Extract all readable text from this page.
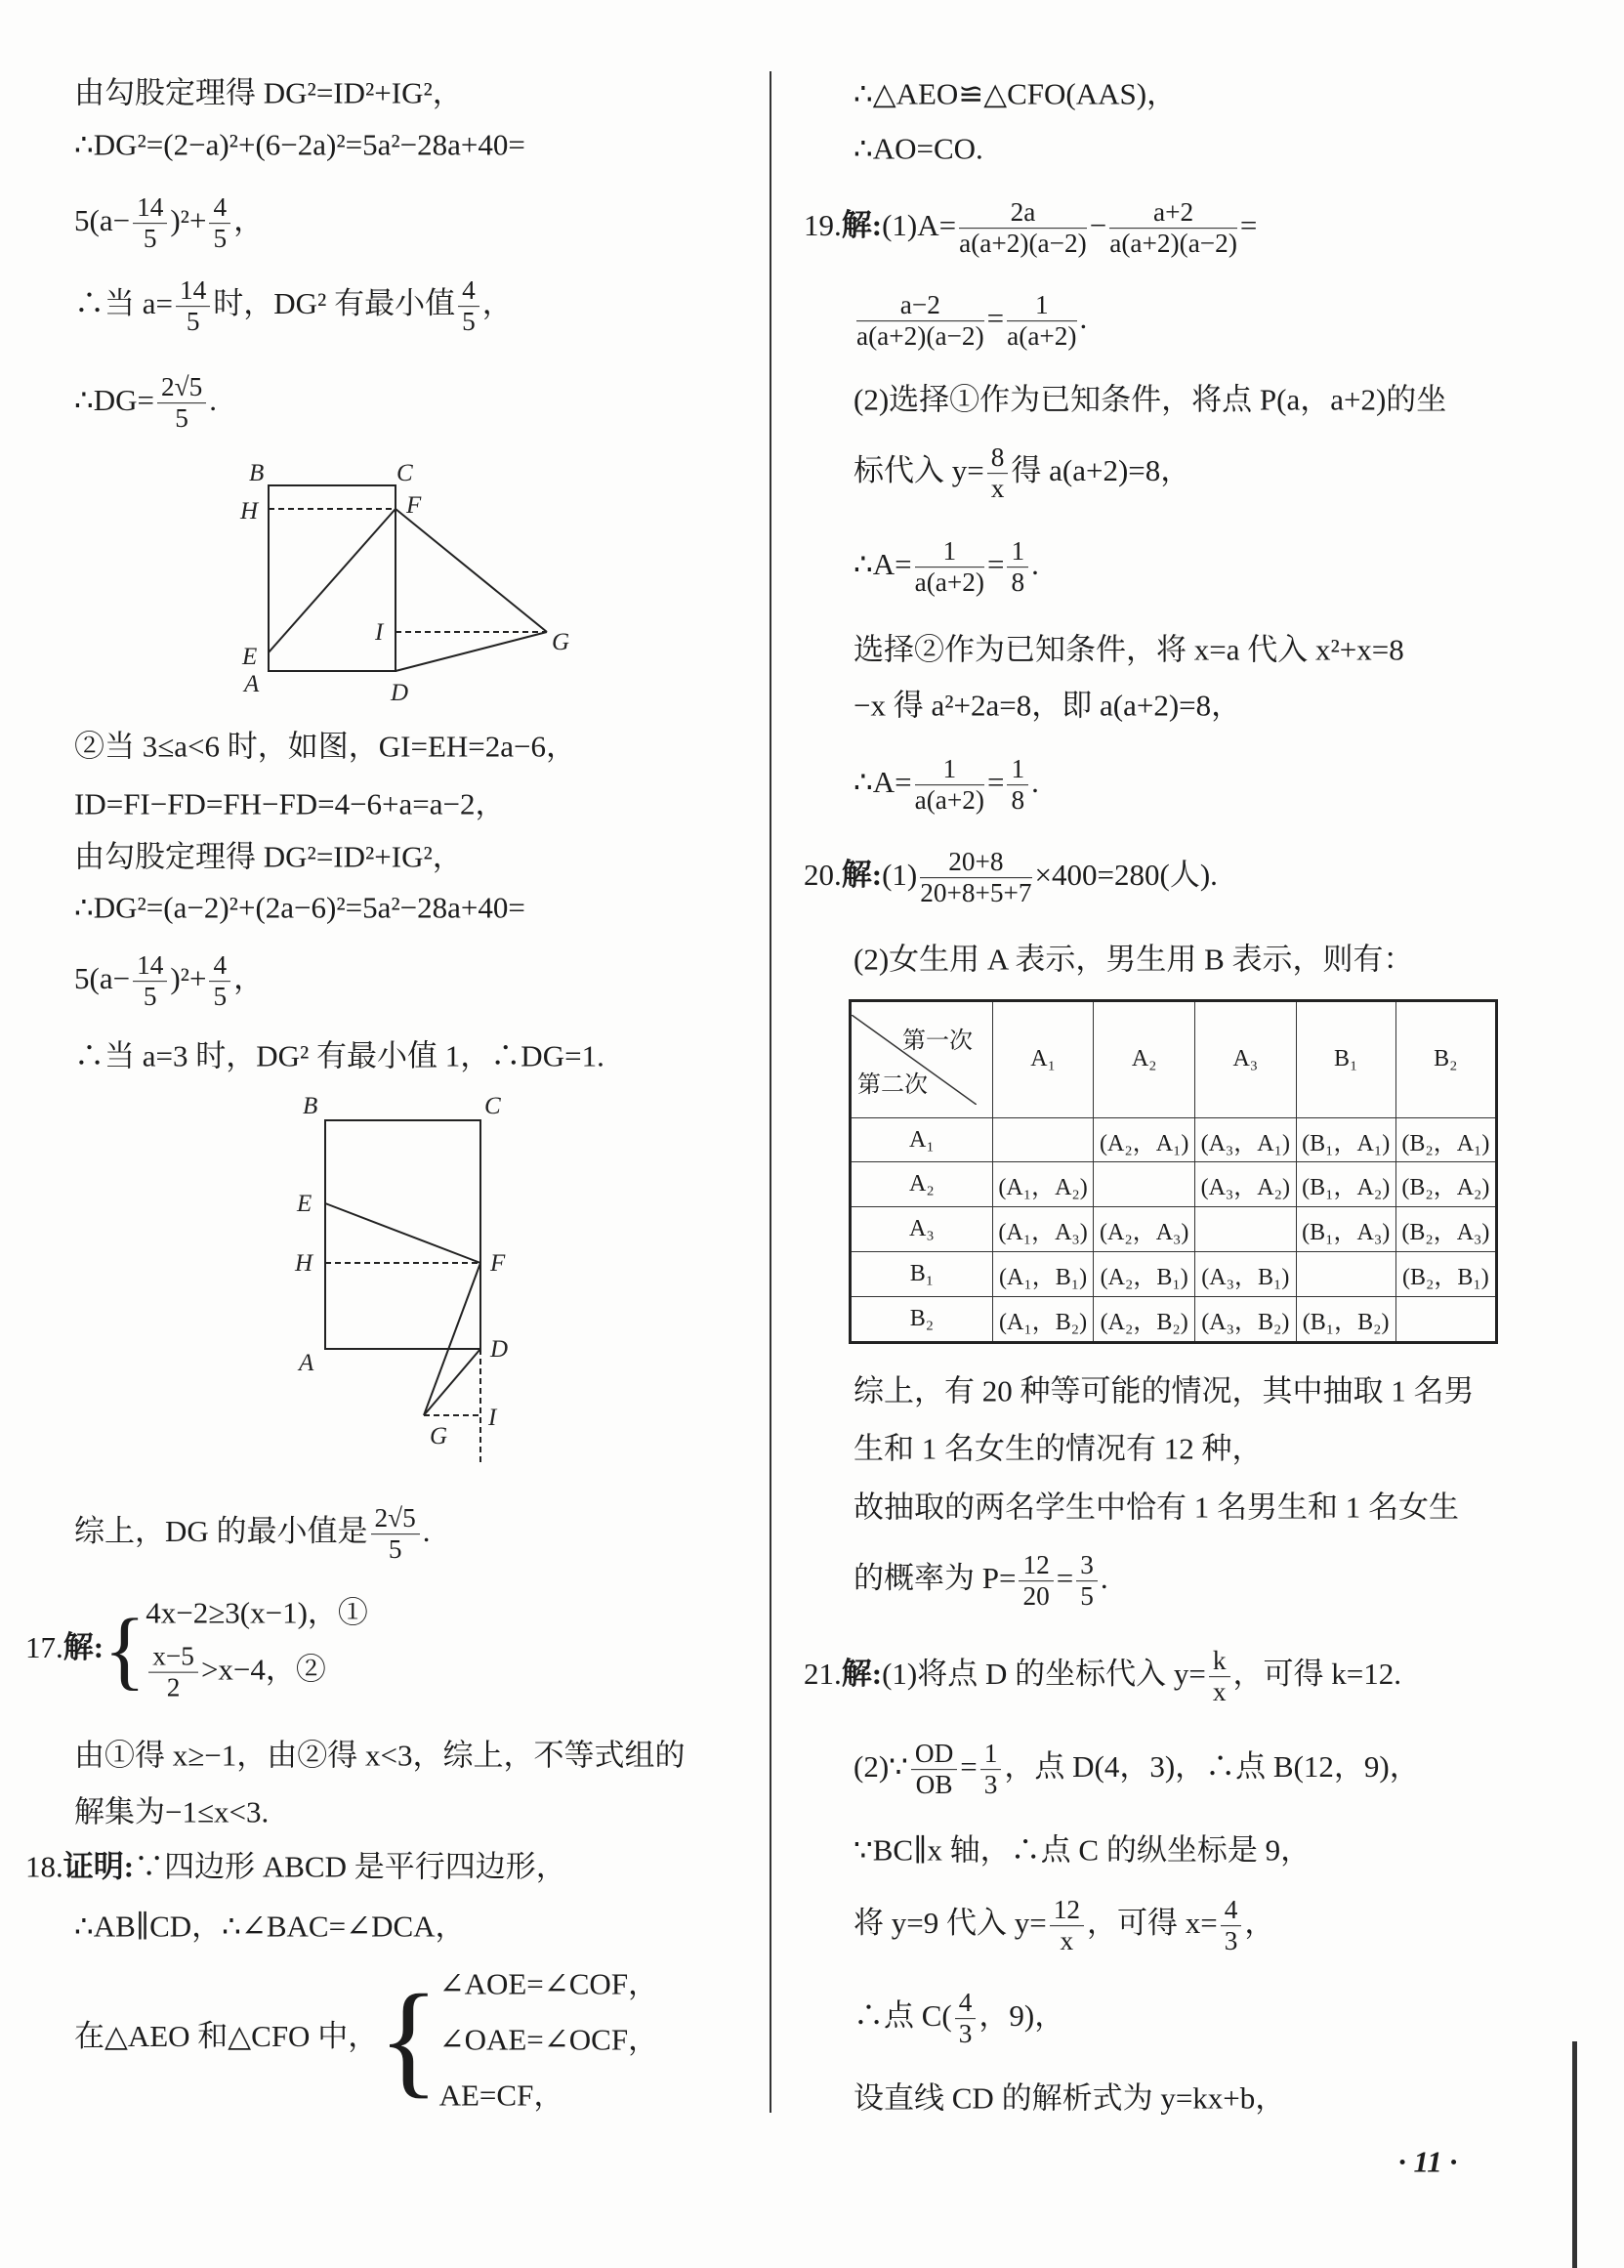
由勾股定理得 DG²=ID²+IG²，
∴DG²=(2−a)²+(6−2a)²=5a²−28a+40=
$5(a- \frac{14}{5} )^2+ \frac{4}{5}$ ，
∴当 $a= \frac{14}{5}$ 时，DG² 有最小值 $\frac{4}{5}$ ，
∴DG= $\frac{2√5}{5}$ .
B	C
H	F
E
A
I	G
D
B	C
E
H	F
A
D
G
I
②当 3≤a<6 时，如图，GI=EH=2a−6，
ID=FI−FD=FH−FD=4−6+a=a−2，
由勾股定理得 DG²=ID²+IG²，
∴DG²=(a−2)²+(2a−6)²=5a²−28a+40=
$5(a- \frac{14}{5} )^2+ \frac{4}{5}$ ，
∴当 a=3 时，DG² 有最小值 1，∴DG=1.
综上，DG 的最小值是 $\frac{2√5}{5}$ .
17.解:{ 4x−2≥3(x−1)，①
$\frac{x-5}{2} >x-4$，②
由①得 x≥−1，由②得 x<3，综上，不等式组的
解集为−1≤x<3.
18.证明:∵四边形 ABCD 是平行四边形，
∴AB∥CD，∴∠BAC=∠DCA，
在△AEO 和△CFO 中，{ ∠AOE=∠COF，
∠OAE=∠OCF，
AE=CF，
∴△AEO≌△CFO(AAS)，
∴AO=CO.
19.解:(1)A= $\frac{2a}{a(a+2)(a-2)} - \frac{a+2}{a(a+2)(a-2)}$ =
$\frac{a-2}{a(a+2)(a-2)} = \frac{1}{a(a+2)}$ .
(2)选择①作为已知条件，将点 P(a，a+2)的坐
标代入 $y= \frac{8}{x}$ 得 a(a+2)=8，
∴A= $\frac{1}{a(a+2)} = \frac{1}{8}$ .
选择②作为已知条件，将 x=a 代入 x²+x=8
−x 得 a²+2a=8，即 a(a+2)=8，
∴A= $\frac{1}{a(a+2)} = \frac{1}{8}$ .
20.解:(1) $\frac{20+8}{20+8+5+7} \times 400=280$(人).
(2)女生用 A 表示，男生用 B 表示，则有：
第一次
第二次	A₁	A₂	A₃	B₁	B₂
A₁		(A₂，A₁)	(A₃，A₁)	(B₁，A₁)	(B₂，A₁)
A₂	(A₁，A₂)		(A₃，A₂)	(B₁，A₂)	(B₂，A₂)
A₃	(A₁，A₃)	(A₂，A₃)		(B₁，A₃)	(B₂，A₃)
B₁	(A₁，B₁)	(A₂，B₁)	(A₃，B₁)		(B₂，B₁)
B₂	(A₁，B₂)	(A₂，B₂)	(A₃，B₂)	(B₁，B₂)	
综上，有 20 种等可能的情况，其中抽取 1 名男
生和 1 名女生的情况有 12 种，
故抽取的两名学生中恰有 1 名男生和 1 名女生
的概率为 $P= \frac{12}{20} = \frac{3}{5}$ .
21.解:(1)将点 D 的坐标代入 $y= \frac{k}{x}$ ，可得 k=12.
(2)∵ $\frac{OD}{OB} = \frac{1}{3}$ ，点 D(4，3)，∴点 B(12，9)，
∵BC∥x 轴，∴点 C 的纵坐标是 9，
将 y=9 代入 $y= \frac{12}{x}$ ，可得 $x= \frac{4}{3}$ ，
∴点 $C( \frac{4}{3}$ ，9)，
设直线 CD 的解析式为 y=kx+b，
· 11 ·
